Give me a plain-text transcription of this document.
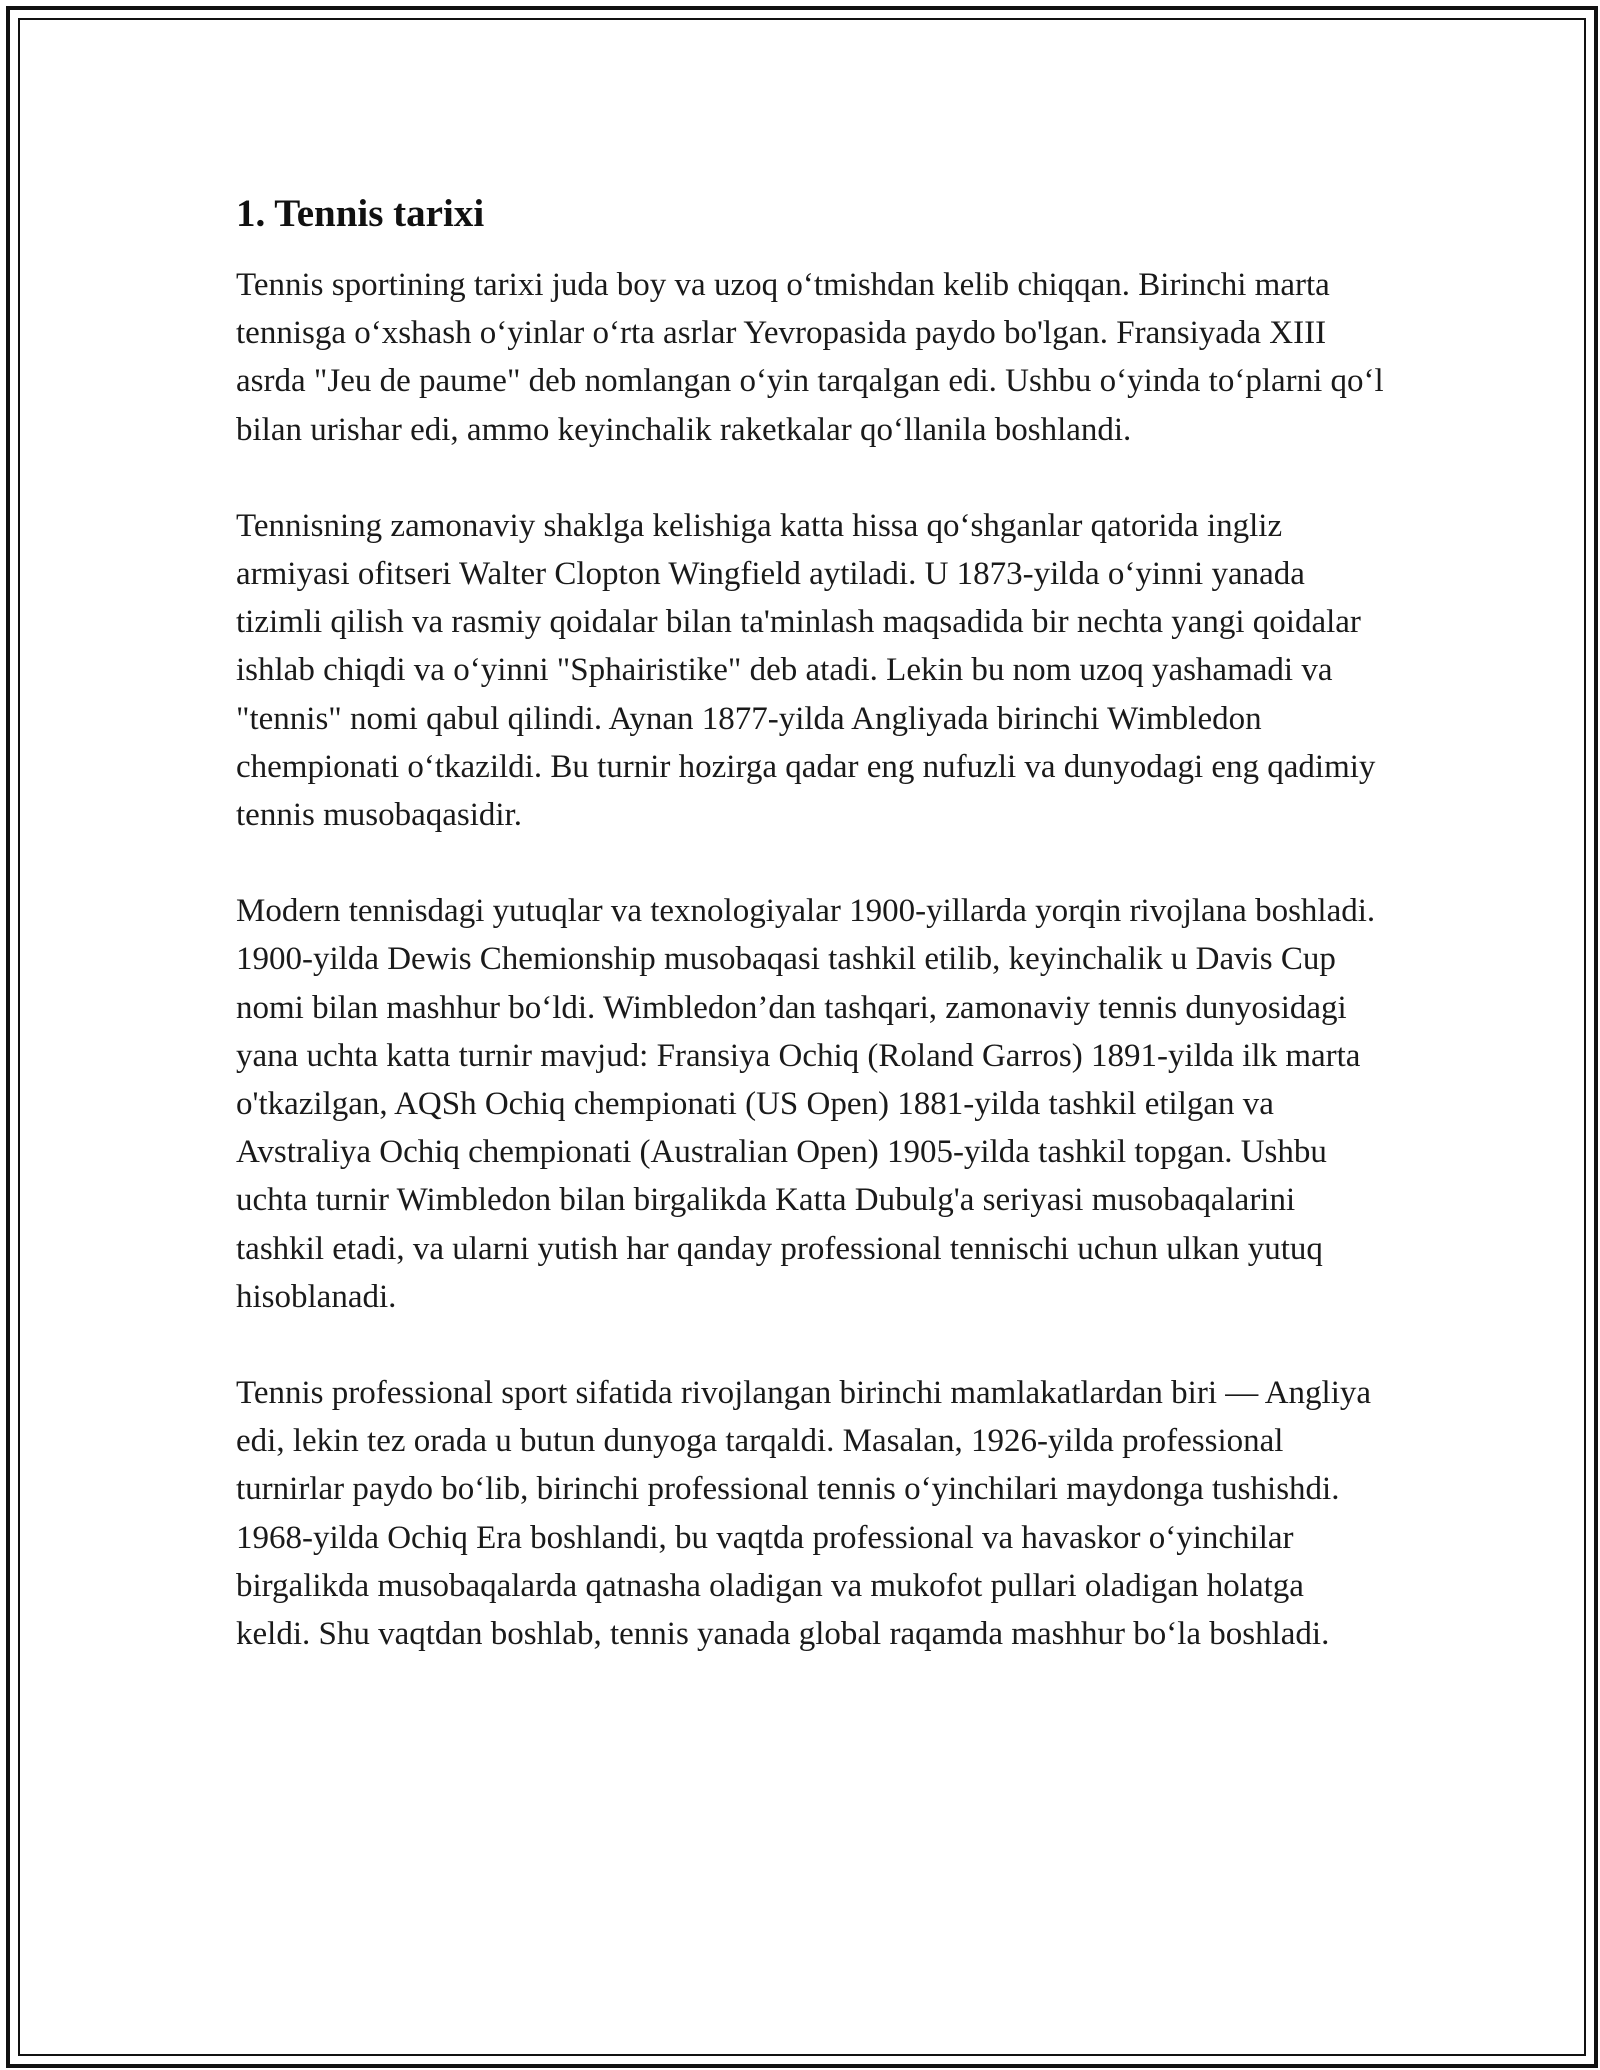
1. Tennis tarixi

Tennis sportining tarixi juda boy va uzoq o‘tmishdan kelib chiqqan. Birinchi marta tennisga o‘xshash o‘yinlar o‘rta asrlar Yevropasida paydo bo'lgan. Fransiyada XIII asrda "Jeu de paume" deb nomlangan o‘yin tarqalgan edi. Ushbu o‘yinda to‘plarni qo‘l bilan urishar edi, ammo keyinchalik raketkalar qo‘llanila boshlandi.

Tennisning zamonaviy shaklga kelishiga katta hissa qo‘shganlar qatorida ingliz armiyasi ofitseri Walter Clopton Wingfield aytiladi. U 1873-yilda o‘yinni yanada tizimli qilish va rasmiy qoidalar bilan ta'minlash maqsadida bir nechta yangi qoidalar ishlab chiqdi va o‘yinni "Sphairistike" deb atadi. Lekin bu nom uzoq yashamadi va "tennis" nomi qabul qilindi. Aynan 1877-yilda Angliyada birinchi Wimbledon chempionati o‘tkazildi. Bu turnir hozirga qadar eng nufuzli va dunyodagi eng qadimiy tennis musobaqasidir.

Modern tennisdagi yutuqlar va texnologiyalar 1900-yillarda yorqin rivojlana boshladi. 1900-yilda Dewis Chemionship musobaqasi tashkil etilib, keyinchalik u Davis Cup nomi bilan mashhur bo‘ldi. Wimbledon’dan tashqari, zamonaviy tennis dunyosidagi yana uchta katta turnir mavjud: Fransiya Ochiq (Roland Garros) 1891-yilda ilk marta o'tkazilgan, AQSh Ochiq chempionati (US Open) 1881-yilda tashkil etilgan va Avstraliya Ochiq chempionati (Australian Open) 1905-yilda tashkil topgan. Ushbu uchta turnir Wimbledon bilan birgalikda Katta Dubulg'a seriyasi musobaqalarini tashkil etadi, va ularni yutish har qanday professional tennischi uchun ulkan yutuq hisoblanadi.

Tennis professional sport sifatida rivojlangan birinchi mamlakatlardan biri — Angliya edi, lekin tez orada u butun dunyoga tarqaldi. Masalan, 1926-yilda professional turnirlar paydo bo‘lib, birinchi professional tennis o‘yinchilari maydonga tushishdi. 1968-yilda Ochiq Era boshlandi, bu vaqtda professional va havaskor o‘yinchilar birgalikda musobaqalarda qatnasha oladigan va mukofot pullari oladigan holatga keldi. Shu vaqtdan boshlab, tennis yanada global raqamda mashhur bo‘la boshladi.
